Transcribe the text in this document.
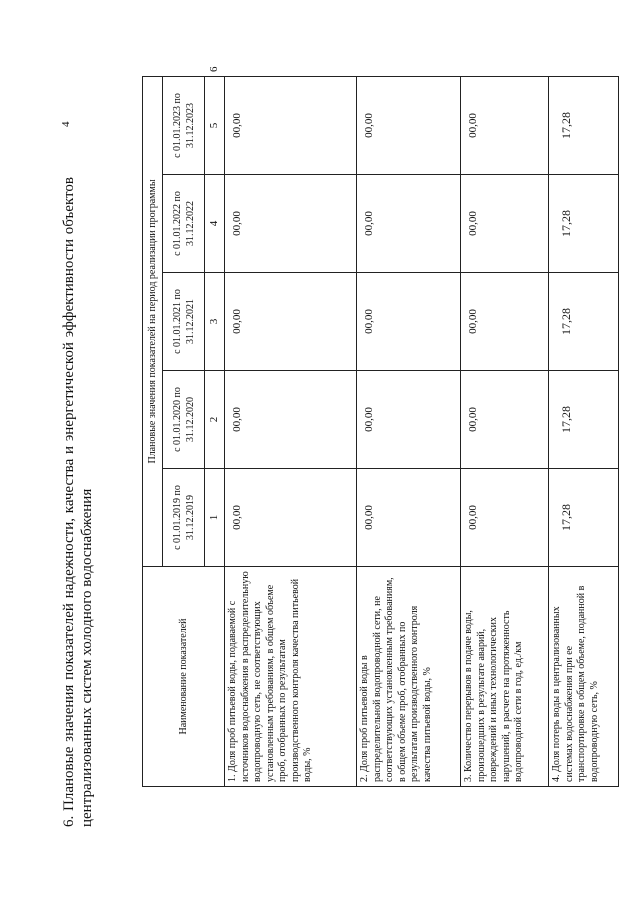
4
6. Плановые значения показателей надежности, качества и энергетической эффективности объектов централизованных систем холодного водоснабжения	Наименование показателей	Плановые значения показателей на период реализации программы					
	с 01.01.2019 по 31.12.2019	с 01.01.2020 по 31.12.2020	с 01.01.2021 по 31.12.2021	с 01.01.2022 по 31.12.2022	с 01.01.2023 по 31.12.2023	
	1	2	3	4	5	6
1. Доля проб питьевой воды, подаваемой с источников водоснабжения в распределительную водопроводную сеть, не соответствующих установленным требованиям, в общем объеме проб, отобранных по результатам производственного контроля качества питьевой воды, %	00,00	00,00	00,00	00,00	00,00	
2. Доля проб питьевой воды в распределительной водопроводной сети, не соответствующих установленным требованиям, в общем объеме проб, отобранных по результатам производственного контроля качества питьевой воды, %	00,00	00,00	00,00	00,00	00,00	
3. Количество перерывов в подаче воды, произошедших в результате аварий, повреждений и иных технологических нарушений, в расчете на протяженность водопроводной сети в год, ед./км	00,00	00,00	00,00	00,00	00,00	
4. Доля потерь воды в централизованных системах водоснабжения при ее транспортировке в общем объеме, поданной в водопроводную сеть, %	17,28	17,28	17,28	17,28	17,28	
